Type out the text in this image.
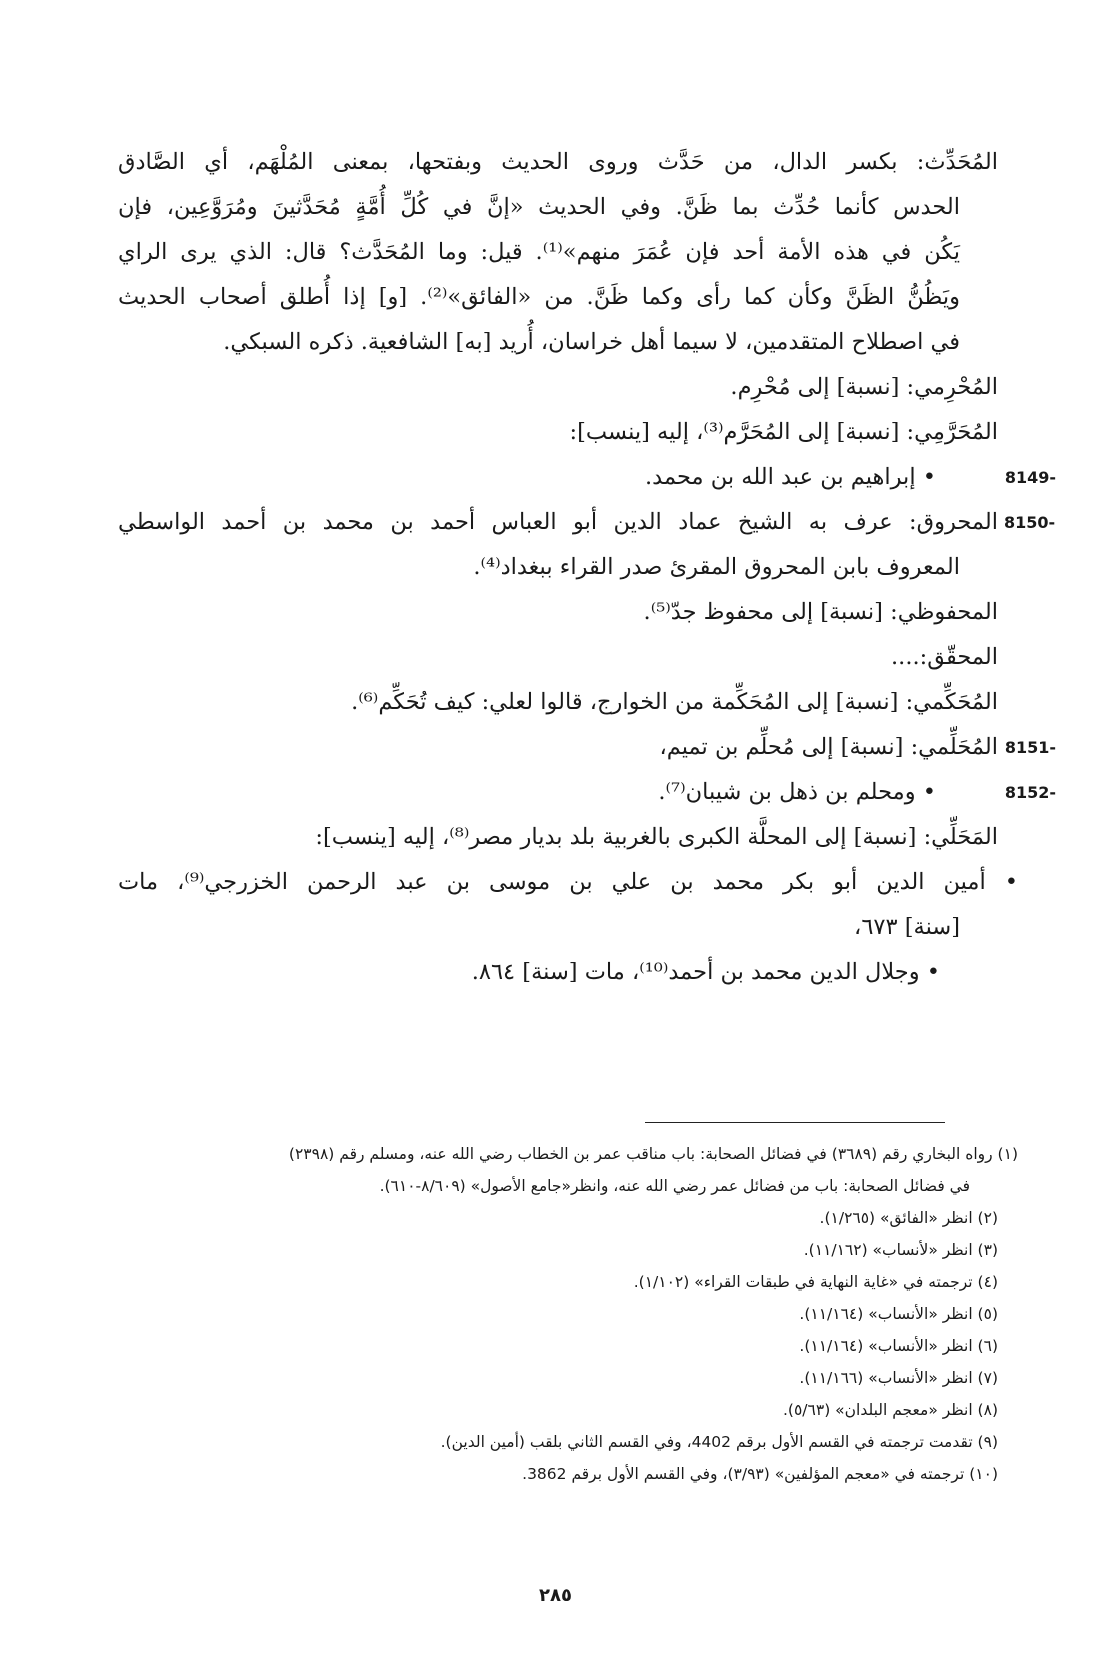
المُحَدِّث: بكسر الدال، من حَدَّث وروى الحديث وبفتحها، بمعنى المُلْهَم، أي الصَّادق
الحدس كأنما حُدِّث بما ظَنَّ. وفي الحديث «إنَّ في كُلِّ أُمَّةٍ مُحَدَّثينَ ومُرَوَّعِين، فإن
يَكُن في هذه الأمة أحد فإن عُمَرَ منهم»⁽¹⁾. قيل: وما المُحَدَّث؟ قال: الذي يرى الراي
ويَظُنُّ الظَنَّ وكأن كما رأى وكما ظَنَّ. من «الفائق»⁽²⁾. [و] إذا أُطلق أصحاب الحديث
في اصطلاح المتقدمين، لا سيما أهل خراسان، أُريد [به] الشافعية. ذكره السبكي.
المُحْرِمي: [نسبة] إلى مُحْرِم.
المُحَرَّمِي: [نسبة] إلى المُحَرَّم⁽³⁾، إليه [ينسب]:
8149-
• إبراهيم بن عبد الله بن محمد.
8150-
المحروق: عرف به الشيخ عماد الدين أبو العباس أحمد بن محمد بن أحمد الواسطي
المعروف بابن المحروق المقرئ صدر القراء ببغداد⁽⁴⁾.
المحفوظي: [نسبة] إلى محفوظ جدّ⁽⁵⁾.
المحقّق:....
المُحَكِّمي: [نسبة] إلى المُحَكِّمة من الخوارج، قالوا لعلي: كيف تُحَكِّم⁽⁶⁾.
8151-
المُحَلِّمي: [نسبة] إلى مُحلِّم بن تميم،
8152-
• ومحلم بن ذهل بن شيبان⁽⁷⁾.
المَحَلِّي: [نسبة] إلى المحلَّة الكبرى بالغربية بلد بديار مصر⁽⁸⁾، إليه [ينسب]:
• أمين الدين أبو بكر محمد بن علي بن موسى بن عبد الرحمن الخزرجي⁽⁹⁾، مات
[سنة] ٦٧٣،
• وجلال الدين محمد بن أحمد⁽¹⁰⁾، مات [سنة] ٨٦٤.
(١) رواه البخاري رقم (٣٦٨٩) في فضائل الصحابة: باب مناقب عمر بن الخطاب رضي الله عنه، ومسلم رقم (٢٣٩٨)
في فضائل الصحابة: باب من فضائل عمر رضي الله عنه، وانظر«جامع الأصول» (٨/٦٠٩-٦١٠).
(٢) انظر «الفائق» (١/٢٦٥).
(٣) انظر «لأنساب» (١١/١٦٢).
(٤) ترجمته في «غاية النهاية في طبقات القراء» (١/١٠٢).
(٥) انظر «الأنساب» (١١/١٦٤).
(٦) انظر «الأنساب» (١١/١٦٤).
(٧) انظر «الأنساب» (١١/١٦٦).
(٨) انظر «معجم البلدان» (٥/٦٣).
(٩) تقدمت ترجمته في القسم الأول برقم 4402، وفي القسم الثاني بلقب (أمين الدين).
(١٠) ترجمته في «معجم المؤلفين» (٣/٩٣)، وفي القسم الأول برقم 3862.
٢٨٥
